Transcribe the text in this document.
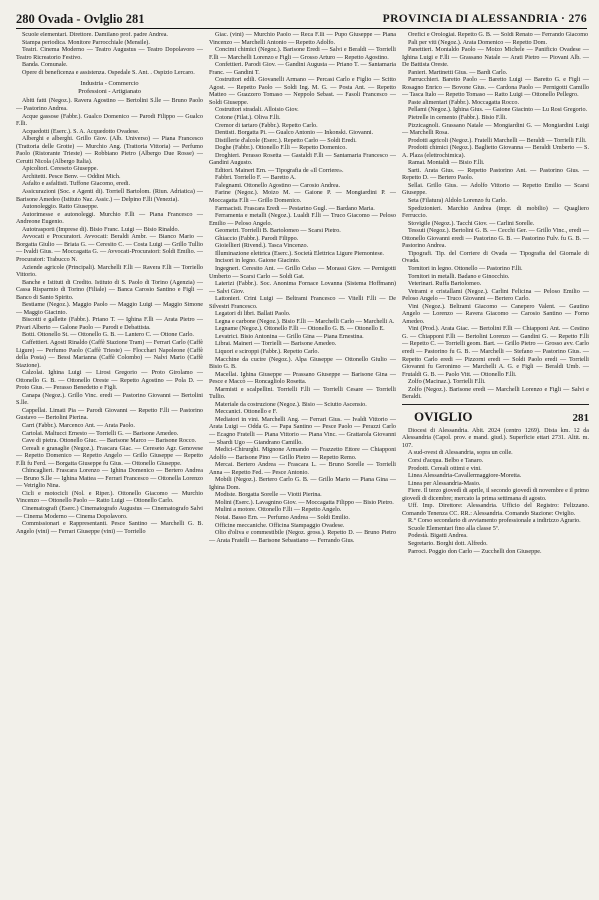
280 Ovada - Ovlglio 281	PROVINCIA DI ALESSANDRIA · 276

Scuole elementari. Direttore. Damilano prof. padre Andrea.

Stampa periodica. Monitore Parrocchiale (Mensile).

Teatri. Cinema Moderno — Teatro Augustus — Teatro Dopolavoro — Teatro Ricreatorio Festivo.

Banda. Comunale.

Opere di beneficenza e assistenza. Ospedale S. Ant. . Ospizio Lercaro.

Industria - Commercio
Professioni - Artigianato

Abiti fatti (Negoz.). Ravera Agostino — Bertolini S.lle — Bruno Paolo — Pastorino Andrea.

Acque gassose (Fabbr.). Gualco Domenico — Parodi Filippo — Gualco F.lli.

Acquedotti (Eserc.). S. A. Acquedotto Ovadese.

Alberghi e alberghi. Grillo Giov. (Alb. Universo) — Piana Francesco (Trattoria delle Grotte) — Murchio Ang. (Trattoria Vittoria) — Perfumo Paolo (Ristorante Trieste) — Robbiano Pietro (Albergo Due Rosse) — Cerutti Nicola (Albergo Italia).

Apicoltori. Cereseto Giuseppe.

Architetti. Pesce Benv. — Oddini Mich.

Asfalto e asfaltisti. Tuffone Giacomo, eredi.

Assicurazioni (Soc. e Agenti di). Torriell Bartolom. (Riun. Adriatica) — Barisone Amedeo (Istituto Naz. Assic.) — Delpino F.lli (Venezia).

Autonoleggio. Ratto Giuseppe.

Autorimesse e autonoleggi. Murchio F.lli — Piana Francesco — Andreone Eugenio.

Autotrasporti (Imprese di). Bisio Franc. Luigi — Bisio Rinaldo.

Avvocati e Procuratori. Avvocati: Beraldi Ambr. — Bianco Mario — Borgatta Giulio — Briata G. — Ceresito C. — Costa Luigi — Grillo Tullio — Ivaldi Gius. — Moccagatta G. — Avvocati-Procuratori: Soldi Emilio. — Procuratori: Trabucco N.

Aziende agricole (Principali). Marchelli F.lli — Ravera F.lli — Torriello Vittorio.

Banche e Istituti di Credito. Istituto di S. Paolo di Torino (Agenzia) — Cassa Risparmio di Torino (Filiale) — Banca Carosio Santino e Figli — Banco di Santo Spirito.

Bestiame (Negoz.). Maggio Paolo — Maggio Luigi — Maggio Simone — Maggio Giacinto.

Biscotti e gallette (Fabbr.). Priano T. — Ighina F.lli — Arata Pietro — Pivari Alberto — Galone Paolo — Parodi e Debattista.

Botti. Ottonello St. — Ottonello G. B. — Lantero C. — Ottone Carlo.

Caffettieri. Agosti Rinaldo (Caffè Stazione Tram) — Ferrari Carlo (Caffè Ligure) — Perfumo Paolo (Caffè Trieste) — Flocchari Napoleone (Caffè della Posta) — Bessi Marianna (Caffè Colombo) — Nalvi Mario (Caffè Stazione).

Calzolai. Ighina Luigi — Lirosi Gregorio — Proto Girolamo — Ottonello G. B. — Ottonello Oreste — Repetto Agostino — Pola D. — Proto Gius. — Perasso Benedetto e Figli.

Canapa (Negoz.). Grillo Vinc. eredi — Pastorino Giovanni — Bertolini S.lle.

Cappellai. Limati Pia — Parodi Giovanni — Repetto F.lli — Pastorino Gustavo — Bertolini Pierina.

Carri (Fabbr.). Marcenco Ant. — Arata Paolo.

Cartolai. Maltucci Ernesto — Torrielli G. — Barisone Amedeo.

Cave di pietra. Ottonello Giuc. — Barisone Marco — Barisone Rocco.

Cereali e granaglie (Negoz.). Frascara Giac. — Cereseto Agr. Genovese — Repetto Domenico — Repetto Angelo — Grillo Giuseppe — Repetto F.lli fu Ferd. — Borgatta Giuseppe fu Gius. — Ottonello Giuseppe.

Chincaglieri. Frascara Lorenzo — Ighina Domenico — Bertero Andrea — Bruno S.lle — Ighina Mattea — Ferrari Francesco — Ottonella Lorenzo — Vetriglio Nina.

Cicli e motocicli (Nol. e Riper.). Ottonello Giacomo — Murchio Vincenzo — Ottonello Paolo — Ratto Luigi — Ottonello Carlo.

Cinematografi (Eserc.) Cinematografo Augustus — Cinematografo Salvi — Cinema Moderno — Cinema Dopolavoro.

Commissionari e Rappresentanti. Pesce Santino — Marchelli G. B. Angelo (vini) — Ferrari Giuseppe (vini) — Torriello

Giac. (vini) — Murchio Paolo — Reca F.lli — Pupo Giuseppe — Piana Vincenzo — Marchelli Antonio — Repetto Adolfo.

Concimi chimici (Negoz.). Barisone Eredi — Salvi e Beraldi — Torrielli F.lli — Marchelli Lorenzo e Figli — Grosso Arturo — Repetto Agostino.

Confettieri. Parodi Giov. — Gandini Augusta — Priano T. — Santamaria Franc. — Gandini T.

Costruttori edili. Giovanelli Armano — Percasi Carlo e Figlio — Scitto Agost. — Repetto Paolo — Soldi Ing. M. G. — Posta Ant. — Repetto Matteo — Guazzero Tomaso — Neppolo Sebast. — Fasoli Francesco — Soldi Giuseppe.

Costruttori stradali. Alloisio Giov.

Cotone (Filat.). Oliva F.lli.

Cremor di tartaro (Fabbr.). Repetto Carlo.

Dentisti. Borgatta Pi. — Gualco Antonio — Inkonski. Giovanni.

Distillerie d'alcole (Eserc.). Repetto Carlo — Soldi Eredi.

Doghe (Fabbr.). Ottonello F.lli — Repetto Domenico.

Droghieri. Perasso Rosetta — Gastaldi F.lli — Santamaria Francesco — Gandini Augusto.

Editori. Maineri Ern. — Tipografia de «Il Corriere».

Fabbri. Torriello F. — Baretto A.

Falegnami. Ottonello Agostino — Carosio Andrea.

Farine (Negoz.). Moizo M. — Gaione P. — Mongiardini P. — Moccagatta F.lli — Grillo Domenico.

Farmacisti. Frascara Eredi — Pestarino Gugl. — Bardano Maria.

Ferramenta e metalli (Negoz.). Lualdi F.lli — Truco Giacomo — Peloso Emilio — Peloso Angelo.

Geometri. Torrielli B. Bartolomeo — Scarsi Pietro.

Ghiaccio (Fabbr.). Parodi Filippo.

Gioiellieri (Rivend.). Tasca Vincenzo.

Illuminazione elettrica (Eserc.). Società Elettrica Ligure Piemontese.

Incisori in legno. Gaione Giacinto.

Ingegneri. Ceresito Ant. — Grillo Celso — Morassi Giov. — Pernigotti Umberto — Scarsi Carlo — Soldi Gat.

Laterizi (Fabbr.). Soc. Anonima Fornace Lovanna (Sistema Hoffmann) — Salvi Giov.

Lattonieri. Crini Luigi — Beltrami Francesco — Vitelli F.lli — De Silvestri Francesco.

Legatori di libri. Ballati Paolo.

Legna e carbone (Negoz.). Bisio F.lli — Marchelli Carlo — Marchelli A.

Legname (Negoz.). Ottonello F.lli — Ottonello G. B. — Ottonello E.

Levatrici. Bisio Antonina — Grillo Gina — Piana Ernestina.

Librai. Maineri — Torrielli — Barisone Amedeo.

Liquori e sciroppi (Fabbr.). Repetto Carlo.

Macchine da cucire (Negoz.). Alpa Giuseppe — Ottonello Giulio — Bisio G. B.

Macellai. Ighina Giuseppe — Prassano Giuseppe — Barisone Gina — Pesce e Maccò — Roncagliolo Rosetta.

Marmisti e scalpellini. Torrielli F.lli — Torrielli Cesare — Torrielli Tullio.

Materiale da costruzione (Negoz.). Bisio — Sciutto Ascensio.

Meccanici. Ottonello e F.

Mediatori in vini. Marchelli Ang. — Ferrari Gius. — Ivaldi Vittorio — Arata Luigi — Odda G. — Papa Santino — Pesce Paolo — Perazzi Carlo — Ecagno Fratelli — Piana Vittorio — Piana Vinc. — Grattarola Giovanni — Sbardi Ugo — Giandrano Camillo.

Medici-Chirurghi. Mignone Armando — Frazzetto Ettore — Chiapponi Adolfo — Barisone Pino — Grillo Pietro — Repetto Remo.

Mercai. Bertero Andrea — Frascara L. — Bruno Sorelle — Torrielli Anna — Repetto Fed. — Pesce Antonio.

Mobili (Negoz.). Bertero Carlo G. B. — Grillo Mario — Piana Gina — Ighina Dom.

Modiste. Borgatta Sorelle — Viotti Pierina.

Molini (Eserc.). Lavagnino Giov. — Moccagatta Filippo — Bisio Pietro.

Mulini a motore. Ottonello F.lli — Repetto Angelo.

Notai. Basso Ern. — Perfumo Andrea — Soldi Emilio.

Officine meccaniche. Officina Stampaggio Ovadese.

Olio d'oliva e commestibile (Negoz. gross.). Repetto D. — Bruno Pietro — Arata Fratelli — Barisone Sebastiano — Ferrando Gius.

Orefici e Orologiai. Repetto G. B. — Soldi Renato — Ferrando Giacomo

Pali per viti (Negoz.). Arata Domenico — Repetto Dom.

Panettieri. Montaldo Paolo — Moizo Michele — Panificio Ovadese — Ighina Luigi e F.lli — Grassano Natale — Arati Pietro — Piovani Alb. — De Battista Oreste.

Panieri. Martinetti Gius. — Bardi Carlo.

Parrucchieri. Baretto Paolo — Baretto Luigi — Baretto G. e Figli — Rosagno Enrico — Bovone Gius. — Cardona Paolo — Pernigotti Camillo — Tasca Italo — Repetto Tomaso — Ratto Luigi — Ottonello Pellegro.

Paste alimentari (Fabbr.). Moccagatta Rocco.

Pellami (Negoz.). Ighina Gius. — Gaione Giacinto — Lu Rosi Gregorio.

Pietrelle in cemento (Fabbr.). Bisio F.lli.

Pizzicagnoli. Grassano Natale — Mongiardini G. — Mongiardini Luigi — Marchelli Rosa.

Prodotti agricoli (Negoz.). Fratelli Marchelli — Beraldi — Torrielli F.lli.

Prodotti chimici (Negoz.). Baglietto Giovanna — Beraldi Umberto — S. A. Plaza (elettrochimica).

Ramai. Montaldi — Bisio F.lli.

Sarti. Arata Gius. — Repetto Pastorino Ant. — Pastorino Gius. — Repetto D. — Bertero Paolo.

Sellai. Grillo Gius. — Adolfo Vittorio — Repetto Emilio — Scarsi Giuseppe.

Seta (Filatura) Aldolo Lorenzo fu Carlo.

Spedizionieri. Marchio Andrea (impr. di mobilio) — Quagliero Ferruccio.

Stovigile (Negoz.). Tacchi Giov. — Carlini Sorelle.

Tessuti (Negoz.). Bertolini G. B. — Cecchi Ger. — Grillo Vinc., eredi — Ottonello Giovanni eredi — Pastorino G. B. — Pastorino Fulv. fu G. B. — Pastorino Andrea.

Tipografi. Tip. del Corriere di Ovada — Tipografia del Giornale di Ovada.

Tornitori in legno. Ottonello — Pastorino F.lli.

Tornitori in metalli. Badano e Ginocchio.

Veterinari. Ruffa Bartolomeo.

Vetrami e cristallami (Negoz.). Carlini Felicina — Peloso Emilio — Peloso Angelo — Truco Giovanni — Bertero Carlo.

Vini (Negoz.). Beltrami Giacomo — Canepero Valent. — Gautino Angelo — Lorenzo — Ravera Giacomo — Carosio Santino — Forno Amedeo.

Vini (Prod.). Arata Giac. — Bertolini F.lli — Chiapponi Ant. — Cestino G. — Chiapponi F.lli — Bertolini Lorenzo — Gandini G. — Repetto F.lli — Repetto C. — Torrielli geom. Bart. — Grillo Pietro — Grosso avv. Carlo eredi — Pastorino fu G. B. — Marchelli — Stefano — Pastorino Gius. — Repetto Carlo eredi — Pizzorni eredi — Soldi Paolo eredi — Torrielli Giovanni fu Geronimo — Marchelli A. G. e Figli — Beraldi Umb. — Frutaldi G. B. — Paolo Vitt. — Ottonello F.lli.

Zolfo (Macinaz.). Torrielli F.lli.

Zolfo (Negoz.). Barisone eredi — Marchelli Lorenzo e Figli — Salvi e Beraldi.

OVIGLIO	281

Diocesi di Alessandria. Abit. 2024 (centro 1269). Dista km. 12 da Alessandria (Capol. prov. e mand. giud.). Superficie ettari 2731. Altit. m. 107.

A sud-ovest di Alessandria, sopra un colle.

Corsi d'acqua. Belbo e Tanaro.

Prodotti. Cereali ottimi e vini.

Linea Alessandria-Cavallermaggiore-Moretta.

Linea per Alessandria-Masio.

Fiere. Il terzo giovedì di aprile, il secondo giovedì di novembre e il primo giovedì di dicembre; mercato la prima settimana di agosto.

Uff. Imp. Direttore: Alessandria. Ufficio del Registro: Felizzano. Comando Tenenza CC. RR.: Alessandria. Comando Stazione: Oviglio.

R.° Corso secondario di avviamento professionale a indirizzo Agrario.

Scuole Elementari fino alla classe 5ª.

Podestà. Bigatti Andrea.

Segretario. Borghi dott. Alfredo.

Parroci. Poggio don Carlo — Zucchelli don Giuseppe.
